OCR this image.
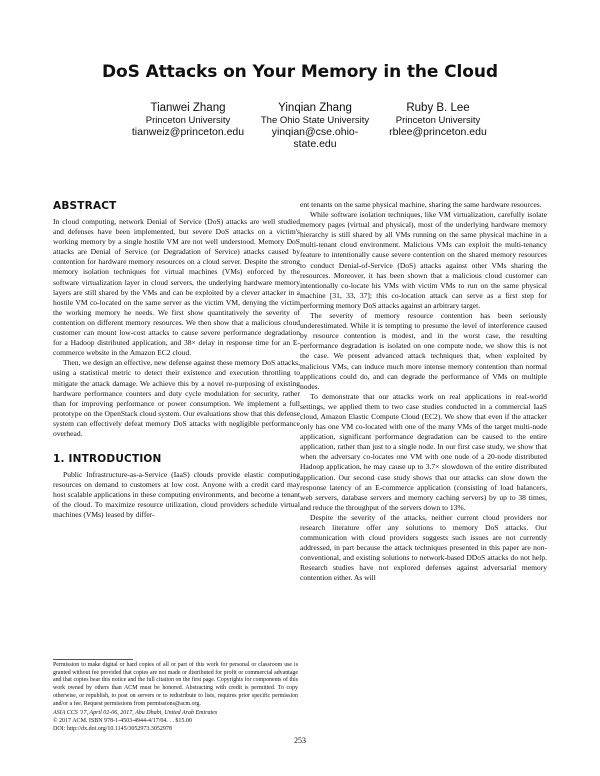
DoS Attacks on Your Memory in the Cloud
Tianwei Zhang
Princeton University
tianweiz@princeton.edu
Yinqian Zhang
The Ohio State University
yinqian@cse.ohio-state.edu
Ruby B. Lee
Princeton University
rblee@princeton.edu
ABSTRACT

In cloud computing, network Denial of Service (DoS) attacks are well studied and defenses have been implemented, but severe DoS attacks on a victim's working memory by a single hostile VM are not well understood. Memory DoS attacks are Denial of Service (or Degradation of Service) attacks caused by contention for hardware memory resources on a cloud server. Despite the strong memory isolation techniques for virtual machines (VMs) enforced by the software virtualization layer in cloud servers, the underlying hardware memory layers are still shared by the VMs and can be exploited by a clever attacker in a hostile VM co-located on the same server as the victim VM, denying the victim the working memory he needs. We first show quantitatively the severity of contention on different memory resources. We then show that a malicious cloud customer can mount low-cost attacks to cause severe performance degradation for a Hadoop distributed application, and 38× delay in response time for an E-commerce website in the Amazon EC2 cloud.

Then, we design an effective, new defense against these memory DoS attacks, using a statistical metric to detect their existence and execution throttling to mitigate the attack damage. We achieve this by a novel re-purposing of existing hardware performance counters and duty cycle modulation for security, rather than for improving performance or power consumption. We implement a full prototype on the OpenStack cloud system. Our evaluations show that this defense system can effectively defeat memory DoS attacks with negligible performance overhead.

1. INTRODUCTION

Public Infrastructure-as-a-Service (IaaS) clouds provide elastic computing resources on demand to customers at low cost. Anyone with a credit card may host scalable applications in these computing environments, and become a tenant of the cloud. To maximize resource utilization, cloud providers schedule virtual machines (VMs) leased by differ-

Permission to make digital or hard copies of all or part of this work for personal or classroom use is granted without fee provided that copies are not made or distributed for profit or commercial advantage and that copies bear this notice and the full citation on the first page. Copyrights for components of this work owned by others than ACM must be honored. Abstracting with credit is permitted. To copy otherwise, or republish, to post on servers or to redistribute to lists, requires prior specific permission and/or a fee. Request permissions from permissions@acm.org.
ASIA CCS '17, April 02-06, 2017, Abu Dhabi, United Arab Emirates
© 2017 ACM. ISBN 978-1-4503-4944-4/17/04. . . $15.00
DOI: http://dx.doi.org/10.1145/3052973.3052978

ent tenants on the same physical machine, sharing the same hardware resources.

While software isolation techniques, like VM virtualization, carefully isolate memory pages (virtual and physical), most of the underlying hardware memory hierarchy is still shared by all VMs running on the same physical machine in a multi-tenant cloud environment. Malicious VMs can exploit the multi-tenancy feature to intentionally cause severe contention on the shared memory resources to conduct Denial-of-Service (DoS) attacks against other VMs sharing the resources. Moreover, it has been shown that a malicious cloud customer can intentionally co-locate his VMs with victim VMs to run on the same physical machine [31, 33, 37]; this co-location attack can serve as a first step for performing memory DoS attacks against an arbitrary target.

The severity of memory resource contention has been seriously underestimated. While it is tempting to presume the level of interference caused by resource contention is modest, and in the worst case, the resulting performance degradation is isolated on one compute node, we show this is not the case. We present advanced attack techniques that, when exploited by malicious VMs, can induce much more intense memory contention than normal applications could do, and can degrade the performance of VMs on multiple nodes.

To demonstrate that our attacks work on real applications in real-world settings, we applied them to two case studies conducted in a commercial IaaS cloud, Amazon Elastic Compute Cloud (EC2). We show that even if the attacker only has one VM co-located with one of the many VMs of the target multi-node application, significant performance degradation can be caused to the entire application, rather than just to a single node. In our first case study, we show that when the adversary co-locates one VM with one node of a 20-node distributed Hadoop application, he may cause up to 3.7× slowdown of the entire distributed application. Our second case study shows that our attacks can slow down the response latency of an E-commerce application (consisting of load balancers, web servers, database servers and memory caching servers) by up to 38 times, and reduce the throughput of the servers down to 13%.

Despite the severity of the attacks, neither current cloud providers nor research literature offer any solutions to memory DoS attacks. Our communication with cloud providers suggests such issues are not currently addressed, in part because the attack techniques presented in this paper are non-conventional, and existing solutions to network-based DDoS attacks do not help. Research studies have not explored defenses against adversarial memory contention either. As will

253
